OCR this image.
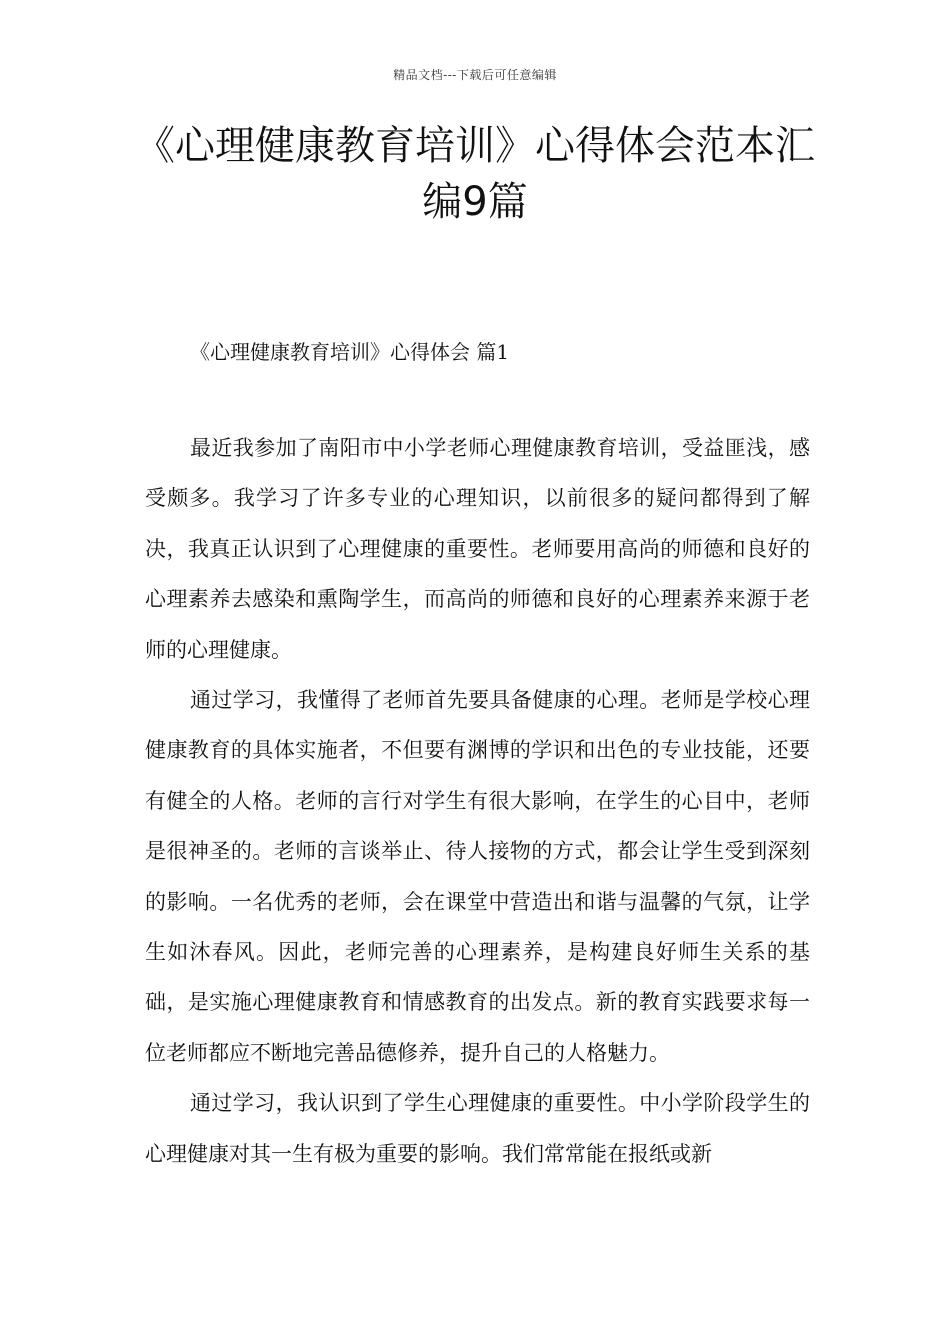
精品文档---下载后可任意编辑
《心理健康教育培训》心得体会范本汇
编9篇
《心理健康教育培训》心得体会 篇1

最近我参加了南阳市中小学老师心理健康教育培训，受益匪浅，感受颇多。我学习了许多专业的心理知识，以前很多的疑问都得到了解决，我真正认识到了心理健康的重要性。老师要用高尚的师德和良好的心理素养去感染和熏陶学生，而高尚的师德和良好的心理素养来源于老师的心理健康。

通过学习，我懂得了老师首先要具备健康的心理。老师是学校心理健康教育的具体实施者，不但要有渊博的学识和出色的专业技能，还要有健全的人格。老师的言行对学生有很大影响，在学生的心目中，老师是很神圣的。老师的言谈举止、待人接物的方式，都会让学生受到深刻的影响。一名优秀的老师，会在课堂中营造出和谐与温馨的气氛，让学生如沐春风。因此，老师完善的心理素养，是构建良好师生关系的基础，是实施心理健康教育和情感教育的出发点。新的教育实践要求每一位老师都应不断地完善品德修养，提升自己的人格魅力。

通过学习，我认识到了学生心理健康的重要性。中小学阶段学生的心理健康对其一生有极为重要的影响。我们常常能在报纸或新
